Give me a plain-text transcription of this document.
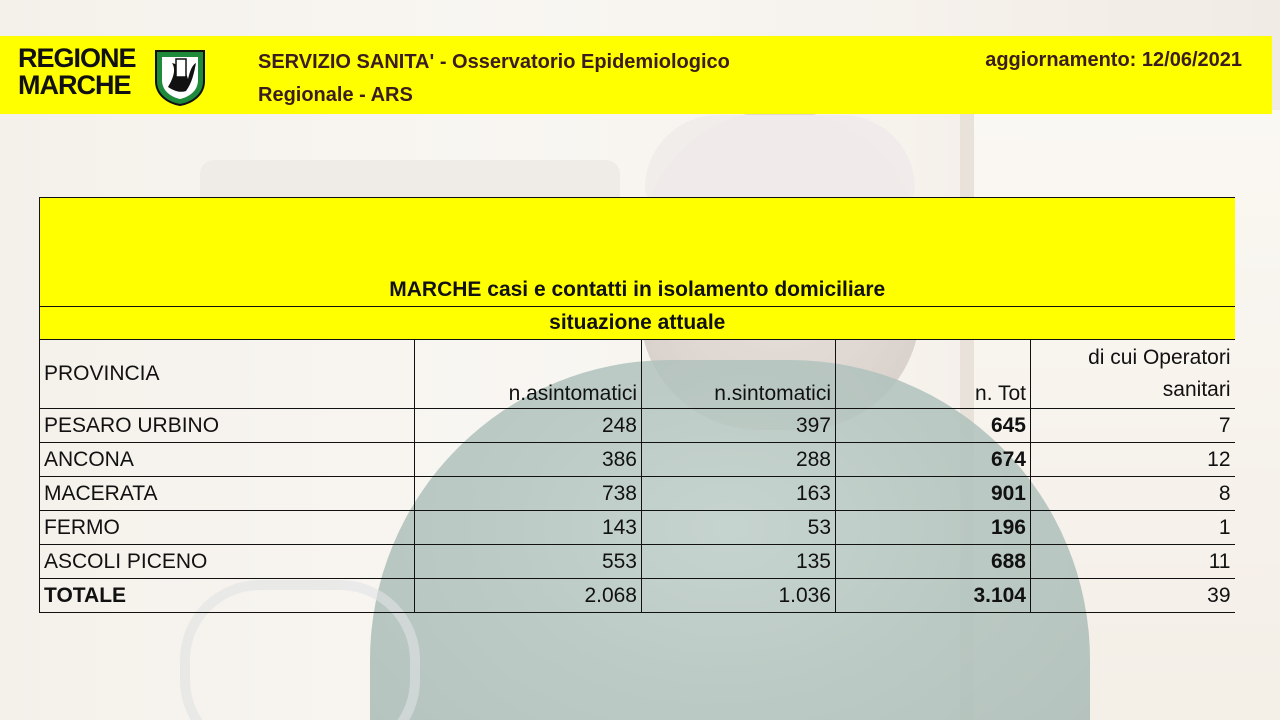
REGIONE
MARCHE
SERVIZIO SANITA' - Osservatorio Epidemiologico
Regionale - ARS
aggiornamento: 12/06/2021
MARCHE casi e contatti in isolamento domiciliare				
situazione attuale				
PROVINCIA	n.asintomatici	n.sintomatici	n. Tot	di cui Operatori
sanitari

PESARO URBINO	248	397	645	7
ANCONA	386	288	674	12
MACERATA	738	163	901	8
FERMO	143	53	196	1
ASCOLI PICENO	553	135	688	11
TOTALE	2.068	1.036	3.104	39
